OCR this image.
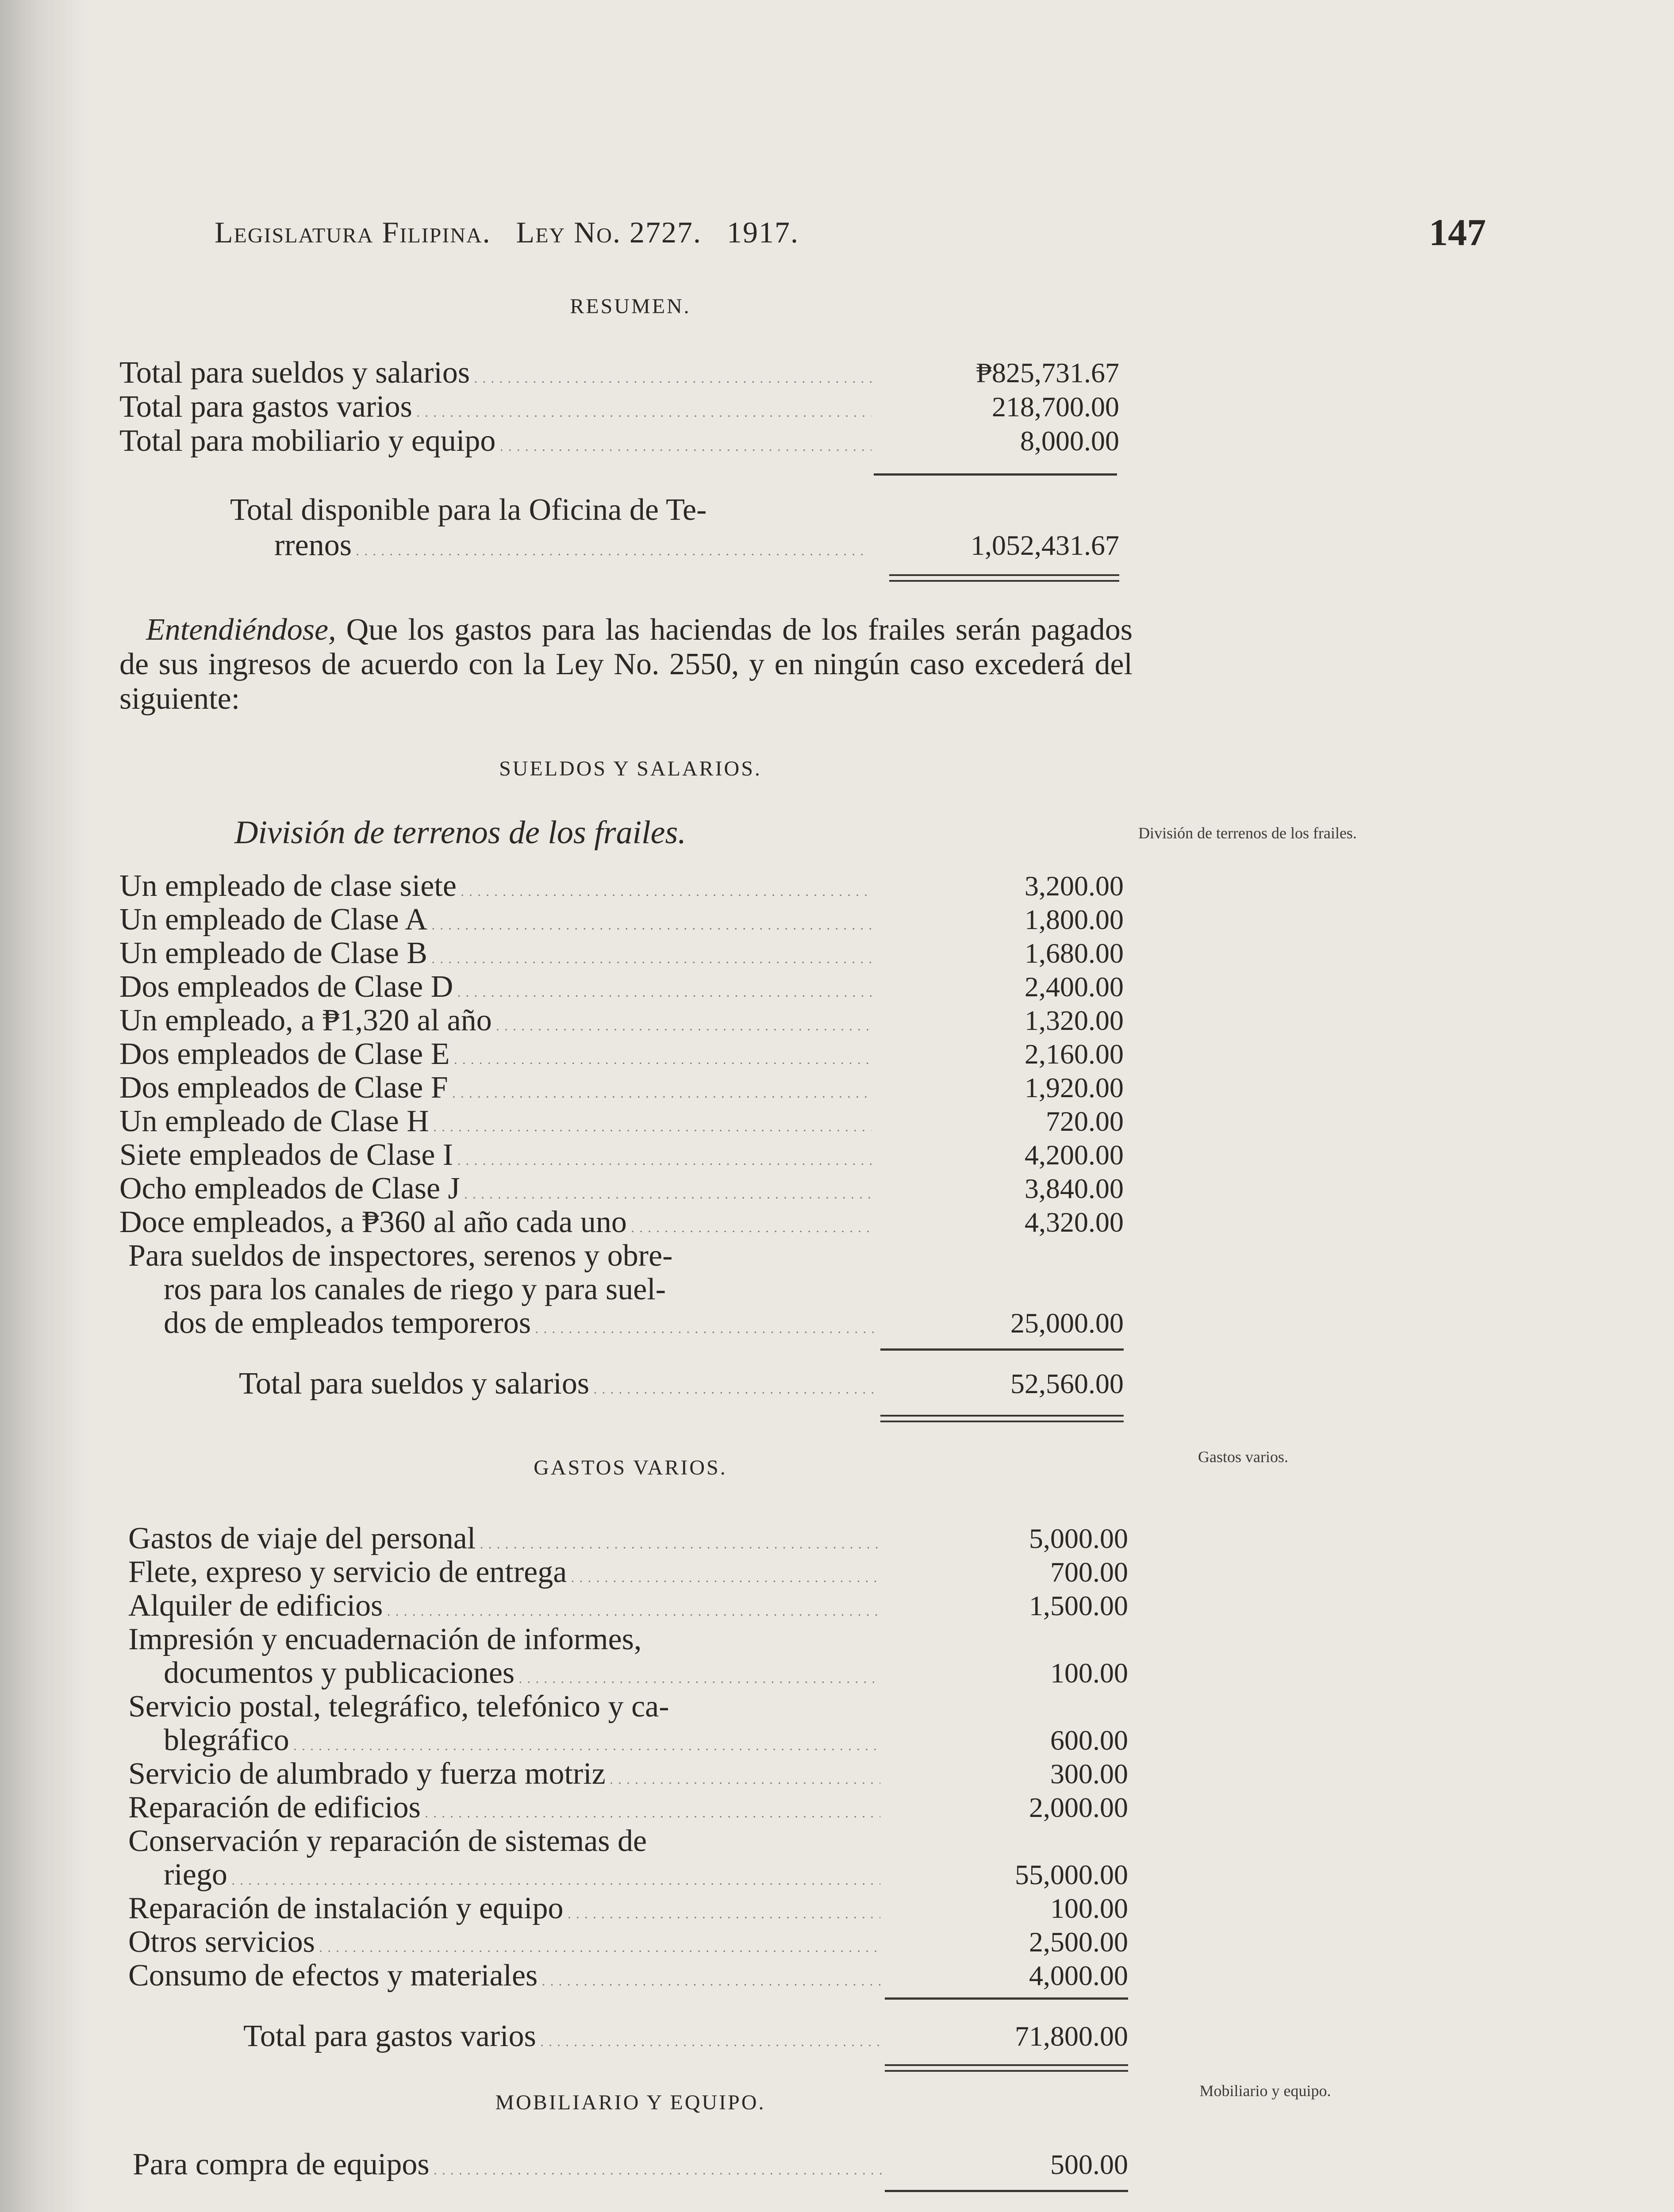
Legislatura Filipina. Ley No. 2727. 1917.	147
RESUMEN.
Total para sueldos y salarios . . .	₱825,731.67
Total para gastos varios . . .	218,700.00
Total para mobiliario y equipo . . .	8,000.00
Total disponible para la Oficina de Te-
rrenos . . .	1,052,431.67
Entendiéndose, Que los gastos para las haciendas de los frailes serán pagados de sus ingresos de acuerdo con la Ley No. 2550, y en ningún caso excederá del siguiente:
SUELDOS Y SALARIOS.
División de terrenos de los frailes.	División de terrenos de los frailes.
Un empleado de clase siete . . .	3,200.00
Un empleado de Clase A . . .	1,800.00
Un empleado de Clase B . . .	1,680.00
Dos empleados de Clase D . . .	2,400.00
Un empleado, a ₱1,320 al año . . .	1,320.00
Dos empleados de Clase E . . .	2,160.00
Dos empleados de Clase F . . .	1,920.00
Un empleado de Clase H . . .	720.00
Siete empleados de Clase I . . .	4,200.00
Ocho empleados de Clase J . . .	3,840.00
Doce empleados, a ₱360 al año cada uno . . .	4,320.00
Para sueldos de inspectores, serenos y obre-
ros para los canales de riego y para suel-
dos de empleados temporeros . . .	25,000.00
Total para sueldos y salarios . . .	52,560.00
GASTOS VARIOS.	Gastos varios.
Gastos de viaje del personal . . .	5,000.00
Flete, expreso y servicio de entrega . . .	700.00
Alquiler de edificios . . .	1,500.00
Impresión y encuadernación de informes,
documentos y publicaciones . . .	100.00
Servicio postal, telegráfico, telefónico y ca-
blegráfico . . .	600.00
Servicio de alumbrado y fuerza motriz . . .	300.00
Reparación de edificios . . .	2,000.00
Conservación y reparación de sistemas de
riego . . .	55,000.00
Reparación de instalación y equipo . . .	100.00
Otros servicios . . .	2,500.00
Consumo de efectos y materiales . . .	4,000.00
Total para gastos varios . . .	71,800.00
MOBILIARIO Y EQUIPO.	Mobiliario y equipo.
Para compra de equipos . . .	500.00
